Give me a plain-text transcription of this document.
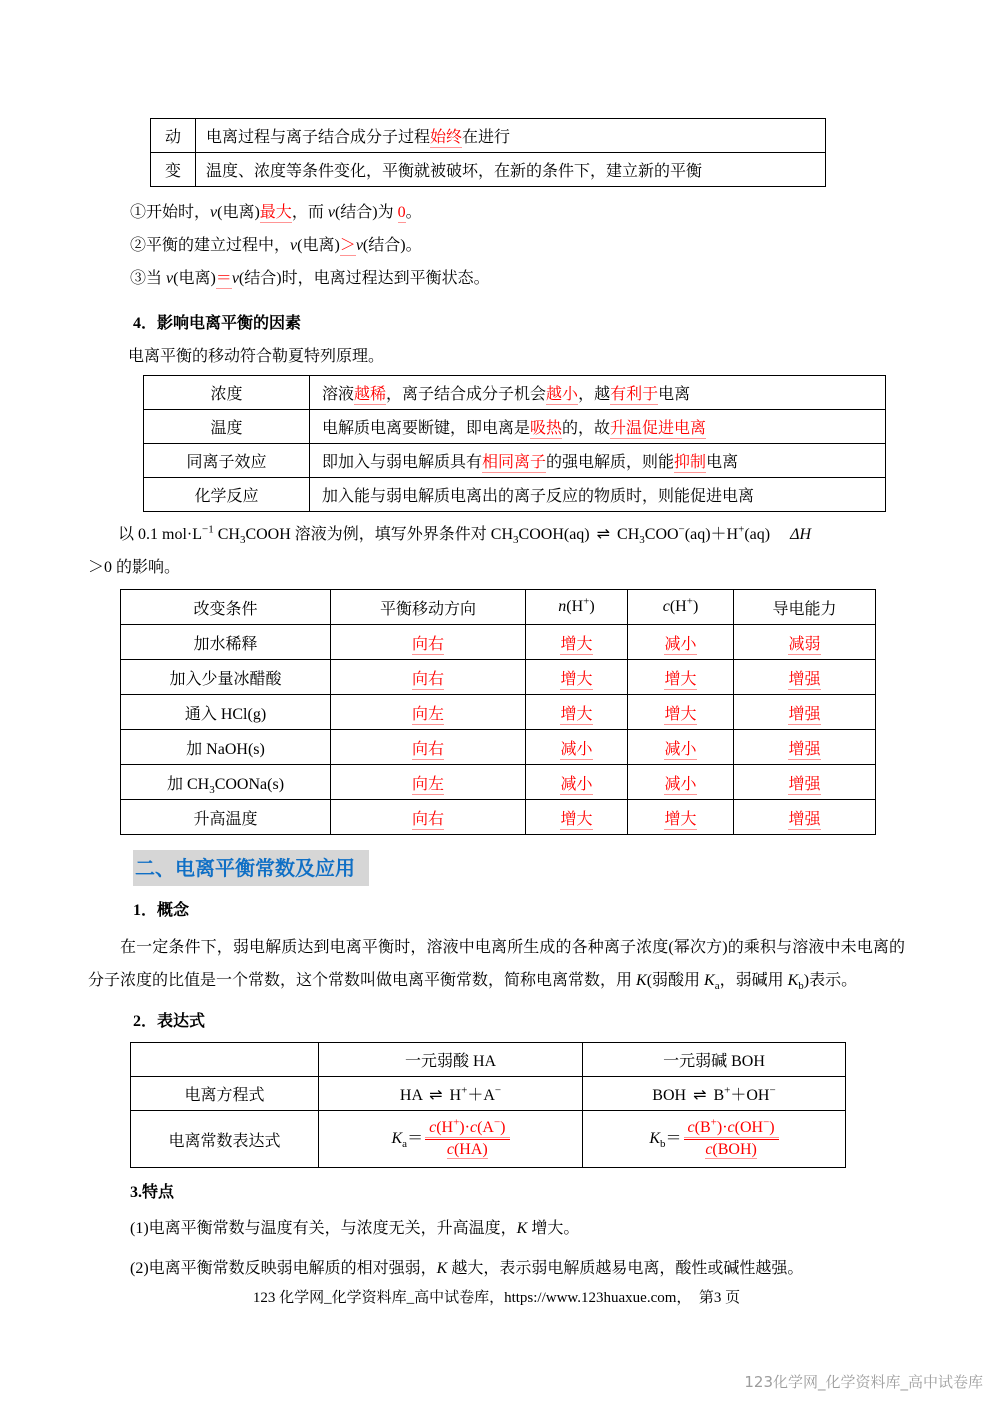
动	电离过程与离子结合成分子过程始终在进行
变	温度、浓度等条件变化，平衡就被破坏，在新的条件下，建立新的平衡
①开始时，v(电离)最大，而 v(结合)为 0。
②平衡的建立过程中，v(电离)＞v(结合)。
③当 v(电离)＝v(结合)时，电离过程达到平衡状态。
4．影响电离平衡的因素
电离平衡的移动符合勒夏特列原理。
浓度	溶液越稀，离子结合成分子机会越小，越有利于电离
温度	电解质电离要断键，即电离是吸热的，故升温促进电离
同离子效应	即加入与弱电解质具有相同离子的强电解质，则能抑制电离
化学反应	加入能与弱电解质电离出的离子反应的物质时，则能促进电离
以 0.1 $mol\cdot L^{-1}$ $CH_3COOH$ 溶液为例，填写外界条件对 $CH_3COOH(aq)$ ⇌ $CH_3COO^-(aq)+H^+(aq)$　 ΔH
＞0 的影响。
改变条件	平衡移动方向	n(H+)	c(H+)	导电能力
加水稀释	向右	增大	减小	减弱
加入少量冰醋酸	向右	增大	增大	增强
通入 HCl(g)	向左	增大	增大	增强
加 NaOH(s)	向右	减小	减小	增强
加 $CH_3COONa(s)$	向左	减小	减小	增强
升高温度	向右	增大	增大	增强
二、电离平衡常数及应用
1．概念
在一定条件下，弱电解质达到电离平衡时，溶液中电离所生成的各种离子浓度(幂次方)的乘积与溶液中未电离的分子浓度的比值是一个常数，这个常数叫做电离平衡常数，简称电离常数，用 K(弱酸用 $K_a$，弱碱用 $K_b$)表示。
2．表达式
	一元弱酸 HA	一元弱碱 BOH
电离方程式	HA ⇌ H+＋A−	BOH ⇌ B+＋OH−
电离常数表达式	$K_a= \frac{c(H^+)\cdot c(A^-)}{c(HA)}$	$K_b= \frac{c(B^+)\cdot c(OH^-)}{\text{c(BOH)}}$
3.特点
(1)电离平衡常数与温度有关，与浓度无关，升高温度，K 增大。
(2)电离平衡常数反映弱电解质的相对强弱，K 越大，表示弱电解质越易电离，酸性或碱性越强。
123 化学网_化学资料库_高中试卷库，https://www.123huaxue.com，　第3 页
123化学网_化学资料库_高中试卷库
